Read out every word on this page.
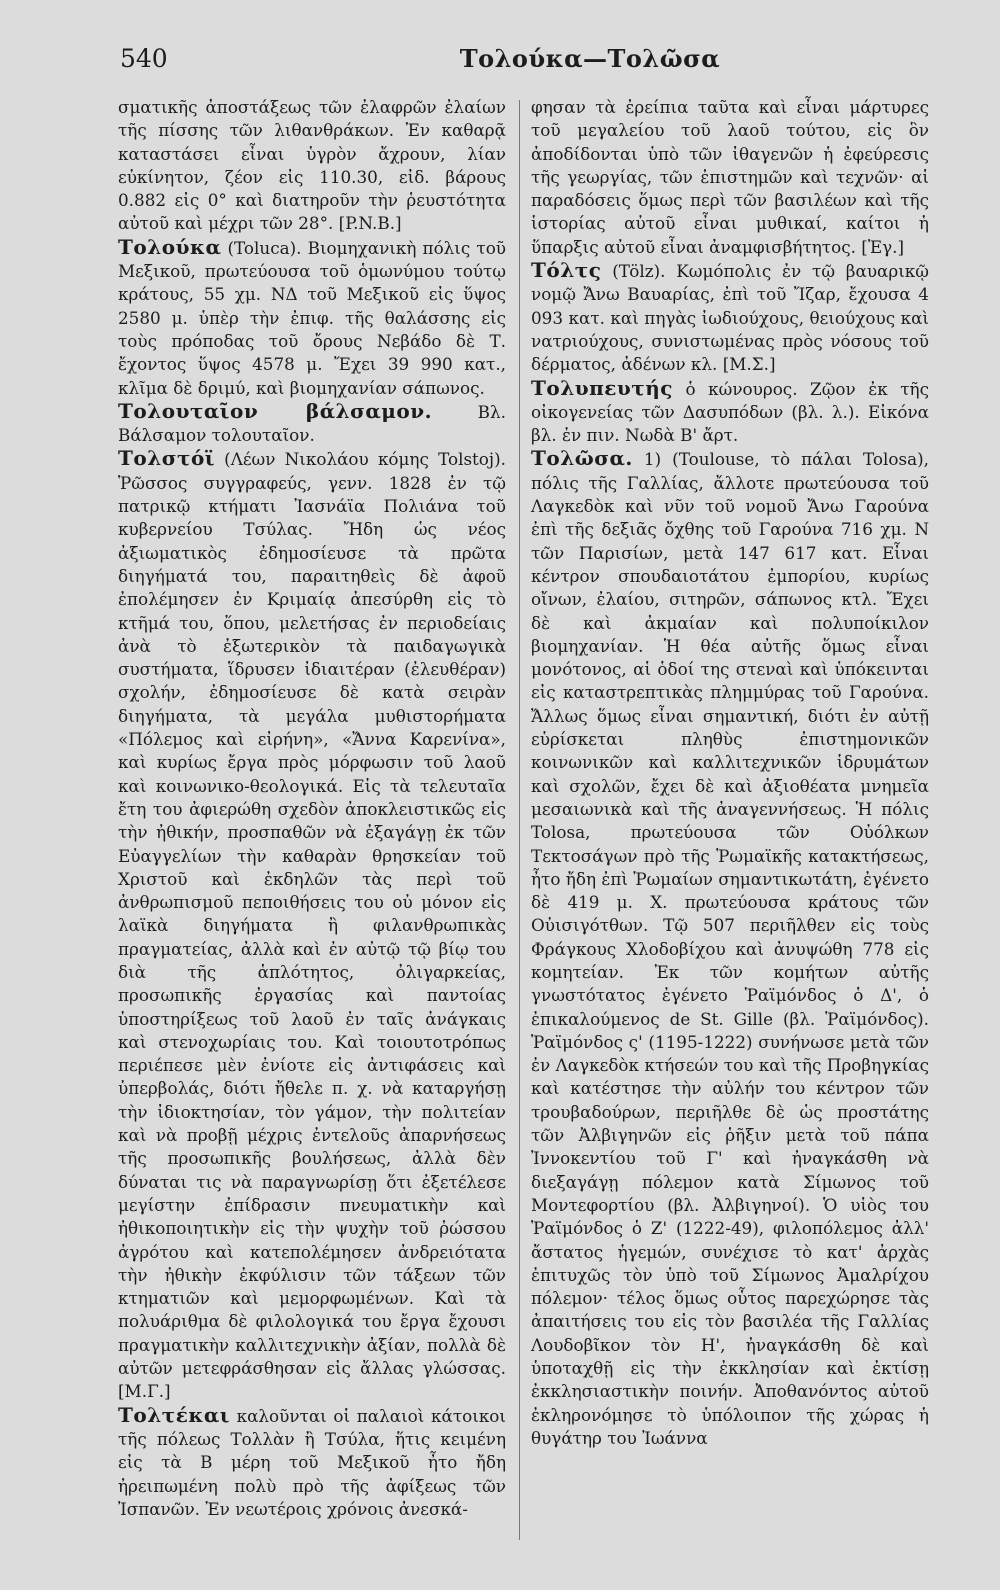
540	Τολούκα—Τολῶσα

σματικῆς ἀποστάξεως τῶν ἐλαφρῶν ἐλαίων τῆς πίσσης τῶν λιθανθράκων. Ἐν καθαρᾷ καταστάσει εἶναι ὑγρὸν ἄχρουν, λίαν εὐκίνητον, ζέον εἰς 110.30, εἰδ. βάρους 0.882 εἰς 0° καὶ διατηροῦν τὴν ῥευστότητα αὐτοῦ καὶ μέχρι τῶν 28°. [P.N.B.]

Τολούκα (Toluca). Βιομηχανικὴ πόλις τοῦ Μεξικοῦ, πρωτεύουσα τοῦ ὁμωνύμου τούτῳ κράτους, 55 χμ. ΝΔ τοῦ Μεξικοῦ εἰς ὕψος 2580 μ. ὑπὲρ τὴν ἐπιφ. τῆς θαλάσσης εἰς τοὺς πρόποδας τοῦ ὄρους Νεβάδο δὲ Τ. ἔχοντος ὕψος 4578 μ. Ἔχει 39 990 κατ., κλῖμα δὲ δριμύ, καὶ βιομηχανίαν σάπωνος.

Τολουταῖον βάλσαμον.	Βλ. Βάλσαμον τολουταῖον.

Τολστόϊ (Λέων Νικολάου κόμης Tolstoj). Ῥῶσσος συγγραφεύς, γενν. 1828 ἐν τῷ πατρικῷ κτήματι Ἰασνάϊα Πολιάνα τοῦ κυβερνείου Τσύλας. Ἤδη ὡς νέος ἀξιωματικὸς ἐδημοσίευσε τὰ πρῶτα διηγήματά του, παραιτηθεὶς δὲ ἀφοῦ ἐπολέμησεν ἐν Κριμαίᾳ ἀπεσύρθη εἰς τὸ κτῆμά του, ὅπου, μελετήσας ἐν περιοδείαις ἀνὰ τὸ ἐξωτερικὸν τὰ παιδαγωγικὰ συστήματα, ἵδρυσεν ἰδιαιτέραν (ἐλευθέραν) σχολήν, ἐδημοσίευσε δὲ κατὰ σειρὰν διηγήματα, τὰ μεγάλα μυθιστορήματα «Πόλεμος καὶ εἰρήνη», «Ἄννα Καρενίνα», καὶ κυρίως ἔργα πρὸς μόρφωσιν τοῦ λαοῦ καὶ κοινωνικο-θεολογικά. Εἰς τὰ τελευταῖα ἔτη του ἀφιερώθη σχεδὸν ἀποκλειστικῶς εἰς τὴν ἠθικήν, προσπαθῶν νὰ ἐξαγάγῃ ἐκ τῶν Εὐαγγελίων τὴν καθαρὰν θρησκείαν τοῦ Χριστοῦ καὶ ἐκδηλῶν τὰς περὶ τοῦ ἀνθρωπισμοῦ πεποιθήσεις του οὐ μόνον εἰς λαϊκὰ διηγήματα ἢ φιλανθρωπικὰς πραγματείας, ἀλλὰ καὶ ἐν αὐτῷ τῷ βίῳ του διὰ τῆς ἁπλότητος, ὀλιγαρκείας, προσωπικῆς ἐργασίας καὶ παντοίας ὑποστηρίξεως τοῦ λαοῦ ἐν ταῖς ἀνάγκαις καὶ στενοχωρίαις του. Καὶ τοιουτοτρόπως περιέπεσε μὲν ἐνίοτε εἰς ἀντιφάσεις καὶ ὑπερβολάς, διότι ἤθελε π. χ. νὰ καταργήσῃ τὴν ἰδιοκτησίαν, τὸν γάμον, τὴν πολιτείαν καὶ νὰ προβῇ μέχρις ἐντελοῦς ἀπαρνήσεως τῆς προσωπικῆς βουλήσεως, ἀλλὰ δὲν δύναται τις νὰ παραγνωρίσῃ ὅτι ἐξετέλεσε μεγίστην ἐπίδρασιν πνευματικὴν καὶ ἠθικοποιητικὴν εἰς τὴν ψυχὴν τοῦ ῥώσσου ἀγρότου καὶ κατεπολέμησεν ἀνδρειότατα τὴν ἠθικὴν ἐκφύλισιν τῶν τάξεων τῶν κτηματιῶν καὶ μεμορφωμένων. Καὶ τὰ πολυάριθμα δὲ φιλολογικά του ἔργα ἔχουσι πραγματικὴν καλλιτεχνικὴν ἀξίαν, πολλὰ δὲ αὐτῶν μετεφράσθησαν εἰς ἄλλας γλώσσας. [Μ.Γ.]

Τολτέκαι καλοῦνται οἱ παλαιοὶ κάτοικοι τῆς πόλεως Τολλὰν ἢ Τσύλα, ἥτις κειμένη εἰς τὰ Β μέρη τοῦ Μεξικοῦ ἦτο ἤδη ἠρειπωμένη πολὺ πρὸ τῆς ἀφίξεως τῶν Ἰσπανῶν. Ἐν νεωτέροις χρόνοις ἀνεσκά-

φησαν τὰ ἐρείπια ταῦτα καὶ εἶναι μάρτυρες τοῦ μεγαλείου τοῦ λαοῦ τούτου, εἰς ὃν ἀποδίδονται ὑπὸ τῶν ἰθαγενῶν ἡ ἐφεύρεσις τῆς γεωργίας, τῶν ἐπιστημῶν καὶ τεχνῶν· αἱ παραδόσεις ὅμως περὶ τῶν βασιλέων καὶ τῆς ἱστορίας αὐτοῦ εἶναι μυθικαί, καίτοι ἡ ὕπαρξις αὐτοῦ εἶναι ἀναμφισβήτητος. [Ἐγ.]

Τόλτς (Tölz). Κωμόπολις ἐν τῷ βαυαρικῷ νομῷ Ἄνω Βαυαρίας, ἐπὶ τοῦ Ἴζαρ, ἔχουσα 4 093 κατ. καὶ πηγὰς ἰωδιούχους, θειούχους καὶ νατριούχους, συνιστωμένας πρὸς νόσους τοῦ δέρματος, ἀδένων κλ. [Μ.Σ.]

Τολυπευτής ὁ κώνουρος. Ζῷον ἐκ τῆς οἰκογενείας τῶν Δασυπόδων (βλ. λ.). Εἰκόνα βλ. ἐν πιν. Νωδὰ Β' ἄρτ.

Τολῶσα. 1) (Toulouse, τὸ πάλαι Tolosa), πόλις τῆς Γαλλίας, ἄλλοτε πρωτεύουσα τοῦ Λαγκεδὸκ καὶ νῦν τοῦ νομοῦ Ἄνω Γαρούνα ἐπὶ τῆς δεξιᾶς ὄχθης τοῦ Γαρούνα 716 χμ. Ν τῶν Παρισίων, μετὰ 147 617 κατ. Εἶναι κέντρον σπουδαιοτάτου ἐμπορίου, κυρίως οἴνων, ἐλαίου, σιτηρῶν, σάπωνος κτλ. Ἔχει δὲ καὶ ἀκμαίαν καὶ πολυποίκιλον βιομηχανίαν. Ἡ θέα αὐτῆς ὅμως εἶναι μονότονος, αἱ ὁδοί της στεναὶ καὶ ὑπόκεινται εἰς καταστρεπτικὰς πλημμύρας τοῦ Γαρούνα. Ἄλλως ὅμως εἶναι σημαντική, διότι ἐν αὐτῇ εὑρίσκεται πληθὺς ἐπιστημονικῶν κοινωνικῶν καὶ καλλιτεχνικῶν ἱδρυμάτων καὶ σχολῶν, ἔχει δὲ καὶ ἀξιοθέατα μνημεῖα μεσαιωνικὰ καὶ τῆς ἀναγεννήσεως. Ἡ πόλις Tolosa, πρωτεύουσα τῶν Οὐόλκων Τεκτοσάγων πρὸ τῆς Ῥωμαϊκῆς κατακτήσεως, ἦτο ἤδη ἐπὶ Ῥωμαίων σημαντικωτάτη, ἐγένετο δὲ 419 μ. Χ. πρωτεύουσα κράτους τῶν Οὐισιγότθων. Τῷ 507 περιῆλθεν εἰς τοὺς Φράγκους Χλοδοβίχου καὶ ἀνυψώθη 778 εἰς κομητείαν. Ἐκ τῶν κομήτων αὐτῆς γνωστότατος ἐγένετο Ῥαϊμόνδος ὁ Δ', ὁ ἐπικαλούμενος de St. Gille (βλ. Ῥαϊμόνδος). Ῥαϊμόνδος ς' (1195-1222) συνήνωσε μετὰ τῶν ἐν Λαγκεδὸκ κτήσεών του καὶ τῆς Προβηγκίας καὶ κατέστησε τὴν αὐλήν του κέντρον τῶν τρουβαδούρων, περιῆλθε δὲ ὡς προστάτης τῶν Ἀλβιγηνῶν εἰς ῥῆξιν μετὰ τοῦ πάπα Ἰννοκεντίου τοῦ Γ' καὶ ἠναγκάσθη νὰ διεξαγάγῃ πόλεμον κατὰ Σίμωνος τοῦ Μοντεφορτίου (βλ. Ἀλβιγηνοί). Ὁ υἱὸς του Ῥαϊμόνδος ὁ Ζ' (1222-49), φιλοπόλεμος ἀλλ' ἄστατος ἡγεμών, συνέχισε τὸ κατ' ἀρχὰς ἐπιτυχῶς τὸν ὑπὸ τοῦ Σίμωνος Ἀμαλρίχου πόλεμον· τέλος ὅμως οὗτος παρεχώρησε τὰς ἀπαιτήσεις του εἰς τὸν βασιλέα τῆς Γαλλίας Λουδοβῖκον τὸν Η', ἠναγκάσθη δὲ καὶ ὑποταχθῇ εἰς τὴν ἐκκλησίαν καὶ ἐκτίσῃ ἐκκλησιαστικὴν ποινήν. Ἀποθανόντος αὐτοῦ ἐκληρονόμησε τὸ ὑπόλοιπον τῆς χώρας ἡ θυγάτηρ του Ἰωάννα
